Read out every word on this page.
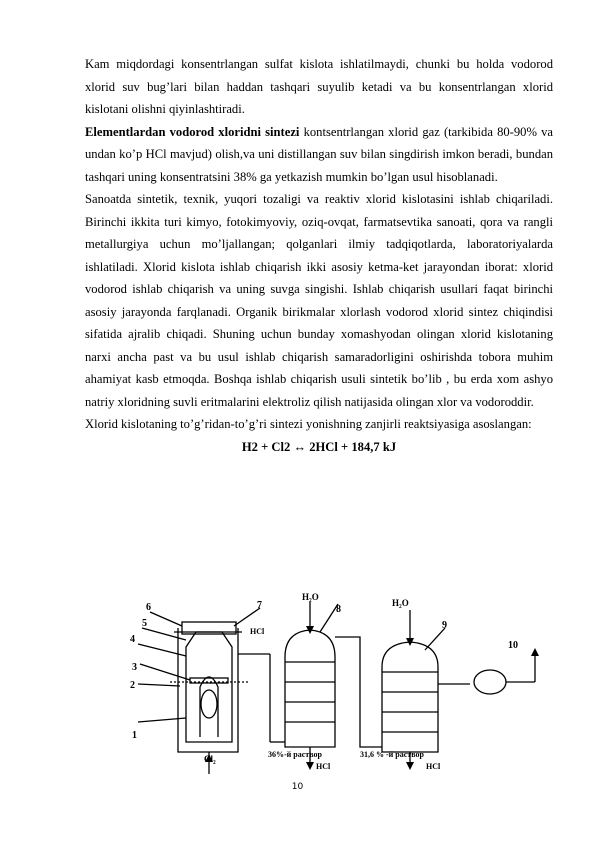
Kam miqdordagi konsentrlangan sulfat kislota ishlatilmaydi, chunki bu holda vodorod xlorid suv bug’lari bilan haddan tashqari suyulib ketadi va bu konsentrlangan xlorid kislotani olishni qiyinlashtiradi.

Elementlardan vodorod xloridni sintezi kontsentrlangan xlorid gaz (tarkibida 80-90% va undan ko’p HCl mavjud) olish,va uni distillangan suv bilan singdirish imkon beradi, bundan tashqari uning konsentratsini 38% ga yetkazish mumkin bo’lgan usul hisoblanadi.

Sanoatda sintetik, texnik, yuqori tozaligi va reaktiv xlorid kislotasini ishlab chiqariladi. Birinchi ikkita turi kimyo, fotokimyoviy, oziq-ovqat, farmatsevtika sanoati, qora va rangli metallurgiya uchun mo’ljallangan; qolganlari ilmiy tadqiqotlarda, laboratoriyalarda ishlatiladi. Xlorid kislota ishlab chiqarish ikki asosiy ketma-ket jarayondan iborat: xlorid vodorod ishlab chiqarish va uning suvga singishi. Ishlab chiqarish usullari faqat birinchi asosiy jarayonda farqlanadi. Organik birikmalar xlorlash vodorod xlorid sintez chiqindisi sifatida ajralib chiqadi. Shuning uchun bunday xomashyodan olingan xlorid kislotaning narxi ancha past va bu usul ishlab chiqarish samaradorligini oshirishda tobora muhim ahamiyat kasb etmoqda. Boshqa ishlab chiqarish usuli sintetik bo’lib , bu erda xom ashyo natriy xloridning suvli eritmalarini elektroliz qilish natijasida olingan xlor va vodoroddir.

Xlorid kislotaning to’g’ridan-to’g’ri sintezi yonishning zanjirli reaktsiyasiga asoslangan:

H2 + Cl2 ↔ 2HCl + 184,7 kJ

1
2
3
4
5
6	7	8
9
10
HCl
H₂O
H₂O
Cl₂	36%-й раствор
HCl
31,6 % -й раствор
HCl
10
